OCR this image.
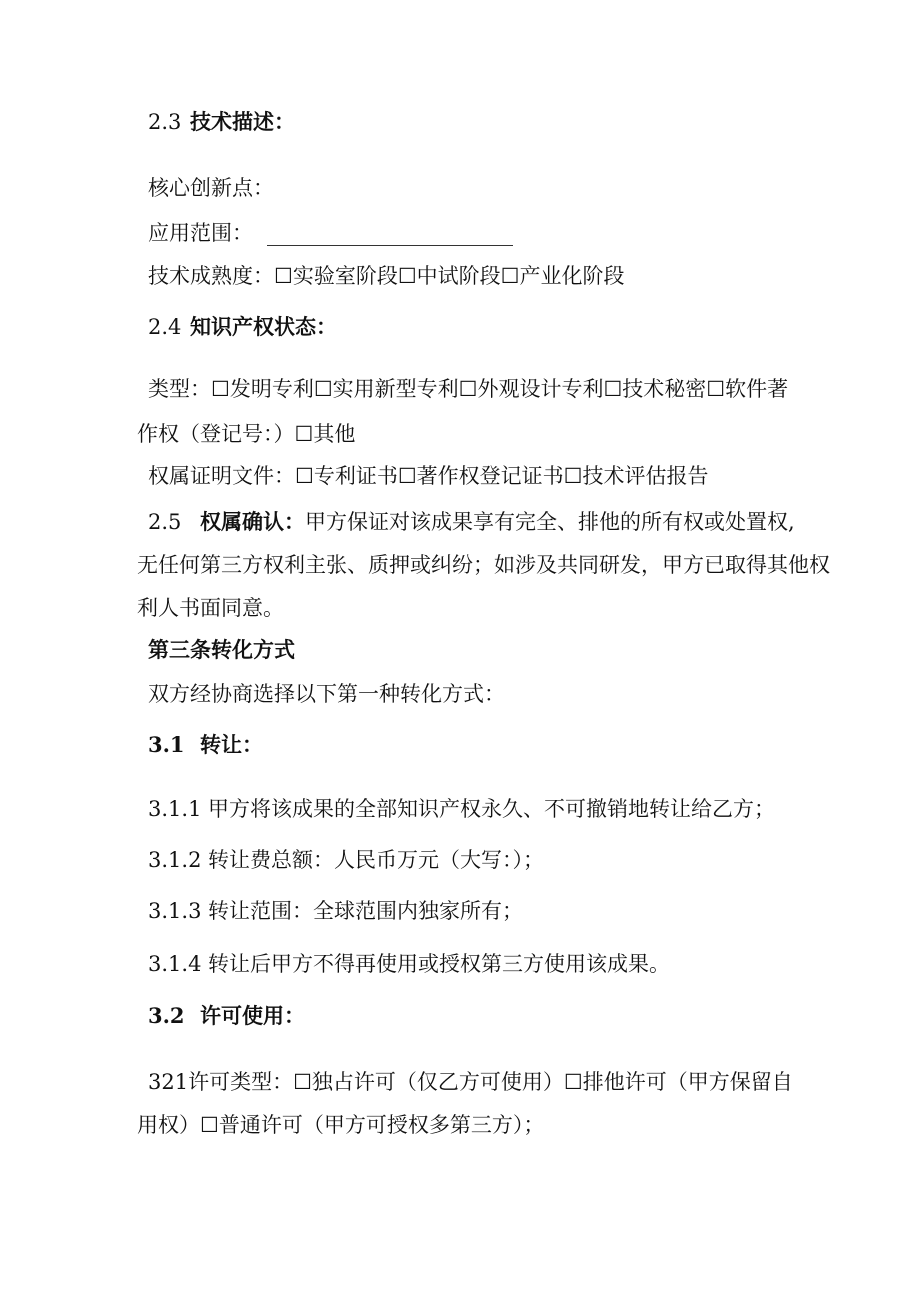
2.3 技术描述：
核心创新点：
应用范围：
技术成熟度：☐实验室阶段☐中试阶段☐产业化阶段
2.4 知识产权状态：
类型：☐发明专利☐实用新型专利☐外观设计专利☐技术秘密☐软件著
作权（登记号：）☐其他
权属证明文件：☐专利证书☐著作权登记证书☐技术评估报告
2.5 权属确认：甲方保证对该成果享有完全、排他的所有权或处置权,
无任何第三方权利主张、质押或纠纷；如涉及共同研发，甲方已取得其他权
利人书面同意。
第三条转化方式
双方经协商选择以下第一种转化方式：
3.1 转让：
3.1.1 甲方将该成果的全部知识产权永久、不可撤销地转让给乙方；
3.1.2 转让费总额：人民币万元（大写：）；
3.1.3 转让范围：全球范围内独家所有；
3.1.4 转让后甲方不得再使用或授权第三方使用该成果。
3.2 许可使用：
321许可类型：☐独占许可（仅乙方可使用）☐排他许可（甲方保留自
用权）☐普通许可（甲方可授权多第三方）；
